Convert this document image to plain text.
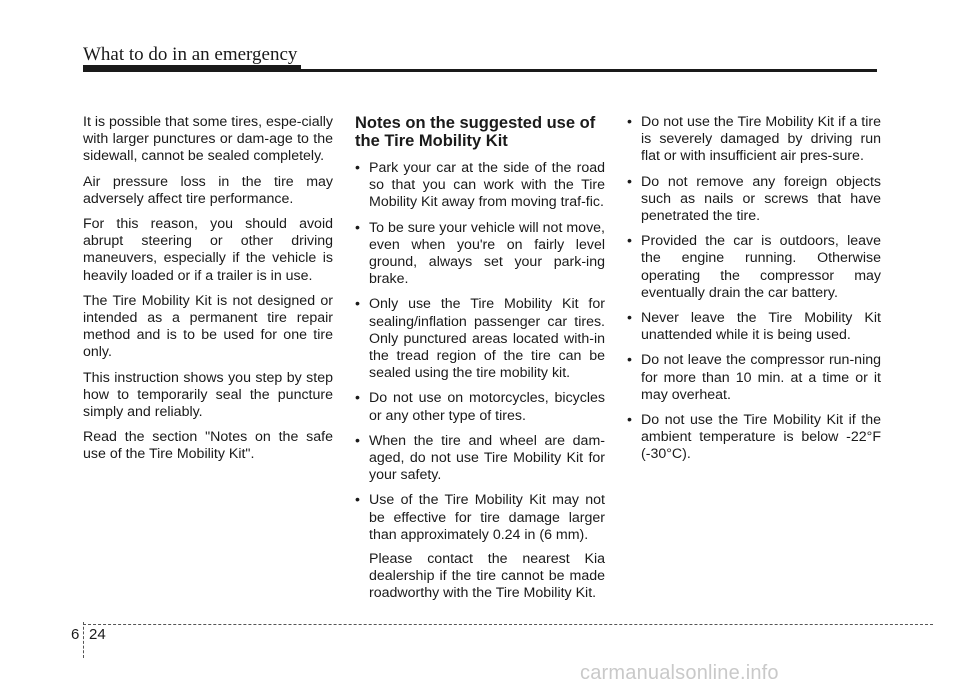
What to do in an emergency

It is possible that some tires, espe-cially with larger punctures or dam-age to the sidewall, cannot be sealed completely.

Air pressure loss in the tire may adversely affect tire performance.

For this reason, you should avoid abrupt steering or other driving maneuvers, especially if the vehicle is heavily loaded or if a trailer is in use.

The Tire Mobility Kit is not designed or intended as a permanent tire repair method and is to be used for one tire only.

This instruction shows you step by step how to temporarily seal the puncture simply and reliably.

Read the section "Notes on the safe use of the Tire Mobility Kit".

Notes on the suggested use of the Tire Mobility Kit
• Park your car at the side of the road so that you can work with the Tire Mobility Kit away from moving traf-fic.
• To be sure your vehicle will not move, even when you're on fairly level ground, always set your park-ing brake.
• Only use the Tire Mobility Kit for sealing/inflation passenger car tires. Only punctured areas located with-in the tread region of the tire can be sealed using the tire mobility kit.
• Do not use on motorcycles, bicycles or any other type of tires.
• When the tire and wheel are dam-aged, do not use Tire Mobility Kit for your safety.
• Use of the Tire Mobility Kit may not be effective for tire damage larger than approximately 0.24 in (6 mm).

Please contact the nearest Kia dealership if the tire cannot be made roadworthy with the Tire Mobility Kit.

• Do not use the Tire Mobility Kit if a tire is severely damaged by driving run flat or with insufficient air pres-sure.
• Do not remove any foreign objects such as nails or screws that have penetrated the tire.
• Provided the car is outdoors, leave the engine running. Otherwise operating the compressor may eventually drain the car battery.
• Never leave the Tire Mobility Kit unattended while it is being used.
• Do not leave the compressor run-ning for more than 10 min. at a time or it may overheat.
• Do not use the Tire Mobility Kit if the ambient temperature is below -22°F (-30°C).
6 24
carmanualsonline.info
